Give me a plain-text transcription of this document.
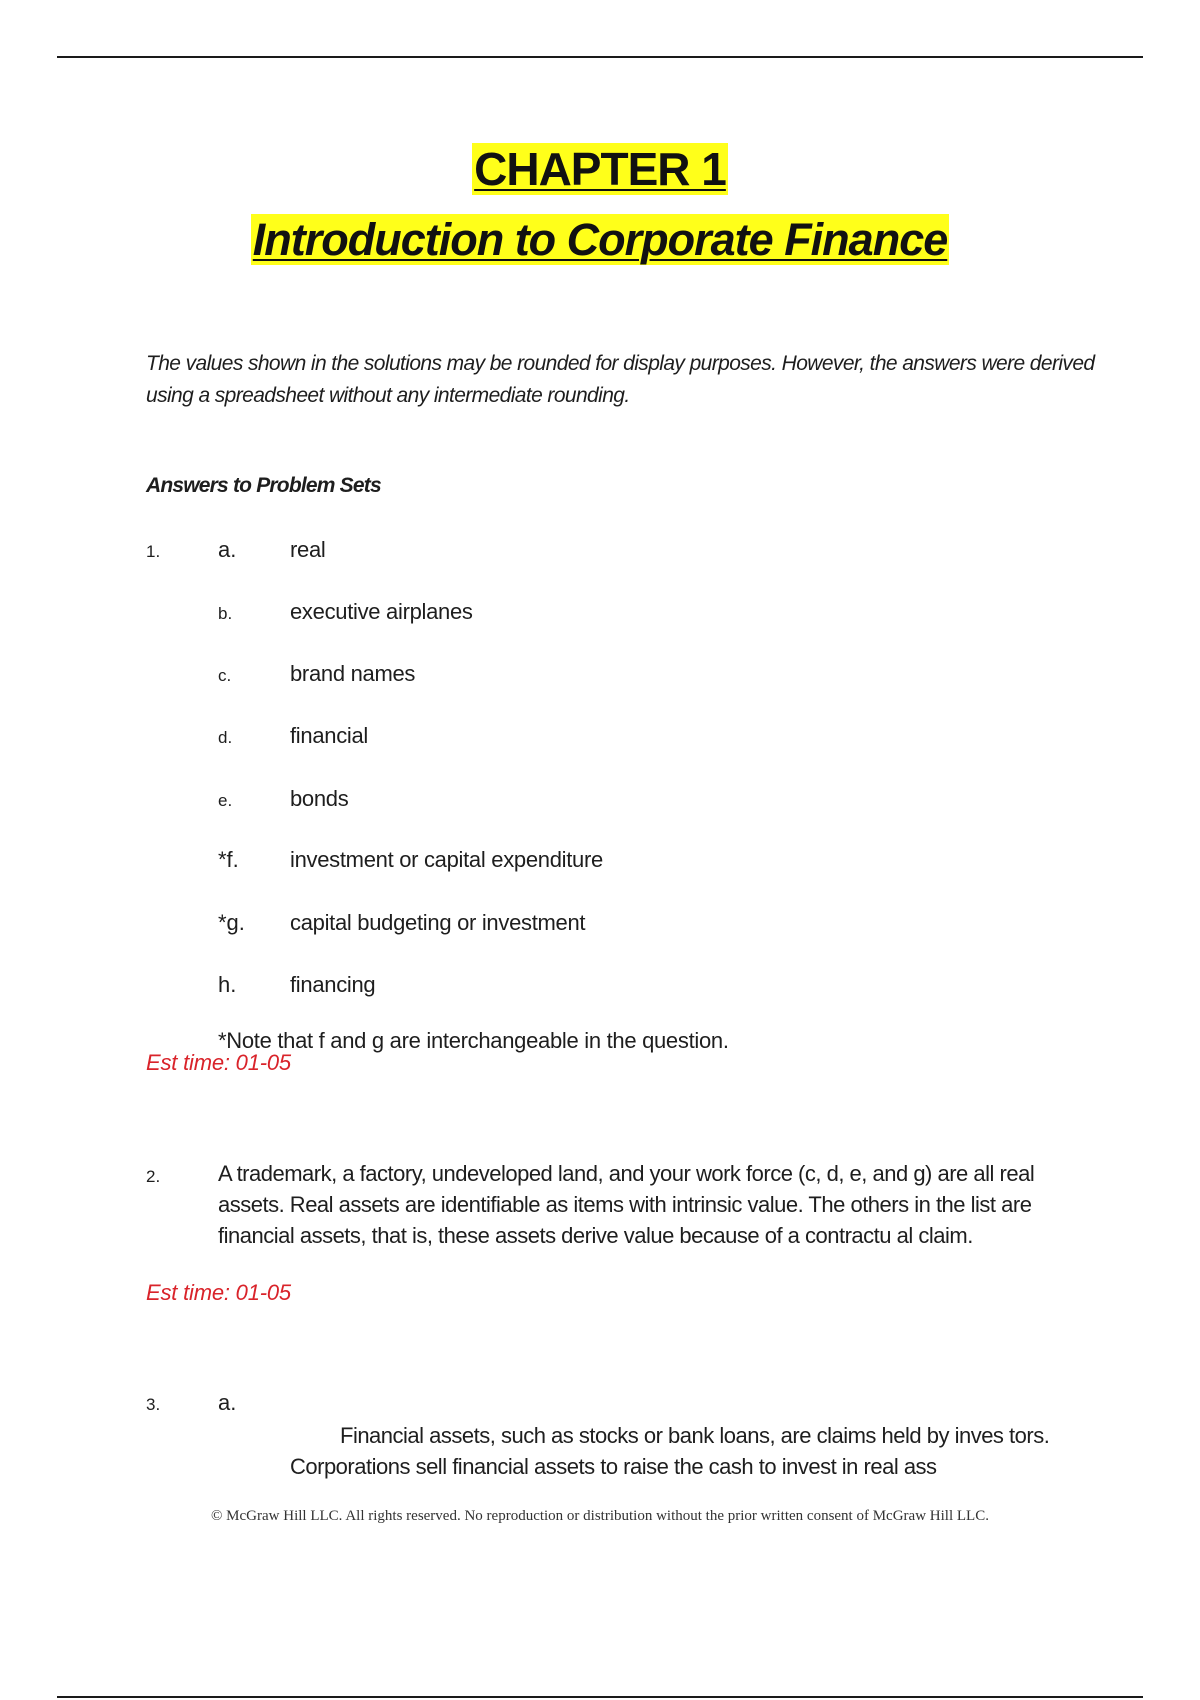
CHAPTER 1
Introduction to Corporate Finance

The values shown in the solutions may be rounded for display purposes. However, the answers were derived using a spreadsheet without any intermediate rounding.

Answers to Problem Sets

1.	a. real
b.	executive airplanes
c.	brand names
d.	financial
e.	bonds
*f. investment or capital expenditure
*g. capital budgeting or investment
h. financing
*Note that f and g are interchangeable in the question.
Est time: 01-05
2.	A trademark, a factory, undeveloped land, and your work force (c, d, e, and g) are all real assets. Real assets are identifiable as items with intrinsic value. The others in the list are financial assets, that is, these assets derive value because of a contractu al claim.

Est time: 01-05
3.	a.

Financial assets, such as stocks or bank loans, are claims held by inves tors. Corporations sell financial assets to raise the cash to invest in real ass

© McGraw Hill LLC. All rights reserved. No reproduction or distribution without the prior written consent of McGraw Hill LLC.
